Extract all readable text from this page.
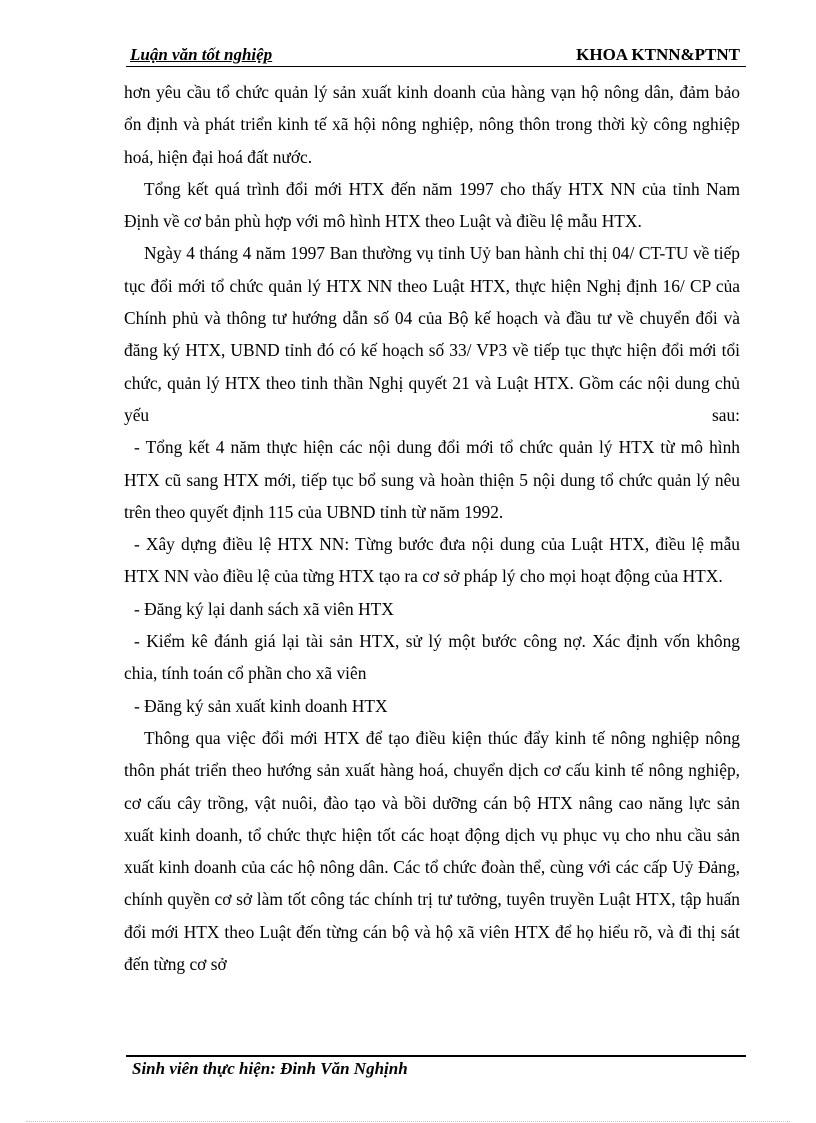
Luận văn tốt nghiệp	KHOA KTNN&PTNT

hơn yêu cầu tổ chức quản lý sản xuất kinh doanh của hàng vạn hộ nông dân, đảm bảo ổn định và phát triển kinh tế xã hội nông nghiệp, nông thôn trong thời kỳ công nghiệp hoá, hiện đại hoá đất nước.

Tổng kết quá trình đổi mới HTX đến năm 1997 cho thấy HTX NN của tỉnh Nam Định về cơ bản phù hợp với mô hình HTX theo Luật và điều lệ mẫu HTX.

Ngày 4 tháng 4 năm 1997 Ban thường vụ tỉnh Uỷ ban hành chỉ thị 04/ CT-TU về tiếp tục đổi mới tổ chức quản lý HTX NN theo Luật HTX, thực hiện Nghị định 16/ CP của Chính phủ và thông tư hướng dẫn số 04 của Bộ kế hoạch và đầu tư về chuyển đổi và đăng ký HTX, UBND tỉnh đó có kế hoạch số 33/ VP3 về tiếp tục thực hiện đổi mới tổi chức, quản lý HTX theo tinh thần Nghị quyết 21 và Luật HTX. Gồm các nội dung chủ yếu sau:

- Tổng kết 4 năm thực hiện các nội dung đổi mới tổ chức quản lý HTX từ mô hình HTX cũ sang HTX mới, tiếp tục bổ sung và hoàn thiện 5 nội dung tổ chức quản lý nêu trên theo quyết định 115 của UBND tỉnh từ năm 1992.

- Xây dựng điều lệ HTX NN: Từng bước đưa nội dung của Luật HTX, điều lệ mẫu HTX NN vào điều lệ của từng HTX tạo ra cơ sở pháp lý cho mọi hoạt động của HTX.

- Đăng ký lại danh sách xã viên HTX

- Kiểm kê đánh giá lại tài sản HTX, sử lý một bước công nợ. Xác định vốn không chia, tính toán cổ phần cho xã viên

- Đăng ký sản xuất kinh doanh HTX

Thông qua việc đổi mới HTX để tạo điều kiện thúc đẩy kinh tế nông nghiệp nông thôn phát triển theo hướng sản xuất hàng hoá, chuyển dịch cơ cấu kinh tế nông nghiệp, cơ cấu cây trồng, vật nuôi, đào tạo và bồi dưỡng cán bộ HTX nâng cao năng lực sản xuất kinh doanh, tổ chức thực hiện tốt các hoạt động dịch vụ phục vụ cho nhu cầu sản xuất kinh doanh của các hộ nông dân. Các tổ chức đoàn thể, cùng với các cấp Uỷ Đảng, chính quyền cơ sở làm tốt công tác chính trị tư tưởng, tuyên truyền Luật HTX, tập huấn đổi mới HTX theo Luật đến từng cán bộ và hộ xã viên HTX để họ hiểu rõ, và đi thị sát đến từng cơ sở

Sinh viên thực hiện: Đinh Văn Nghịnh
